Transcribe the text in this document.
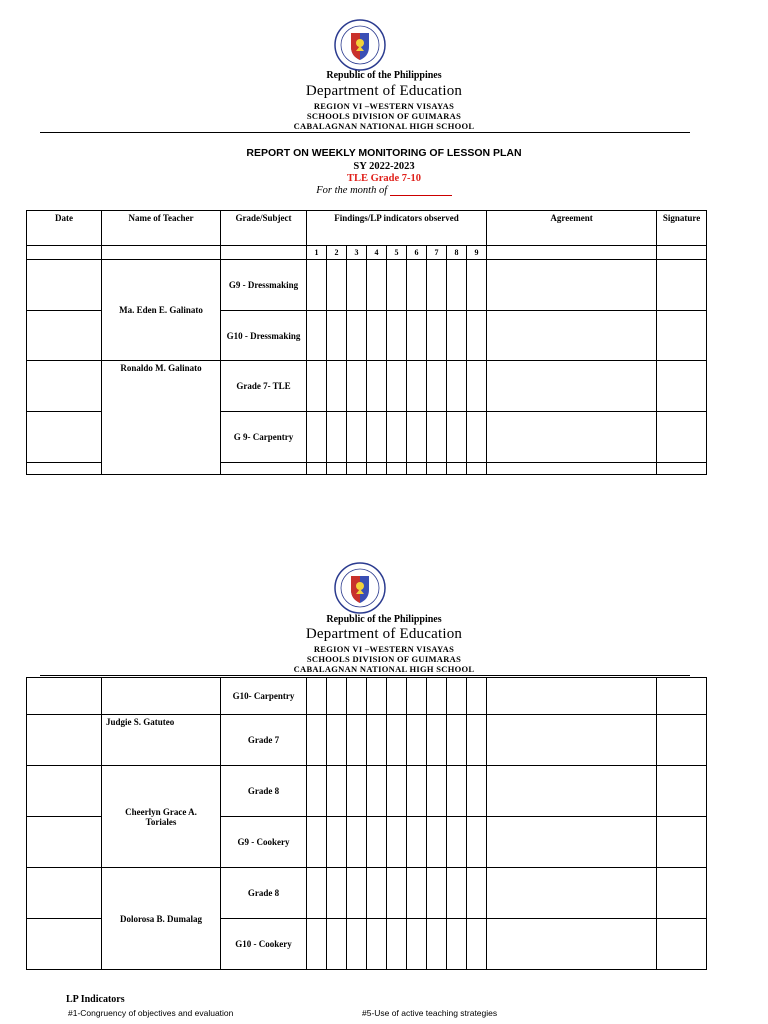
Republic of the Philippines
Department of Education
REGION VI –WESTERN VISAYAS
SCHOOLS DIVISION OF GUIMARAS
CABALAGNAN NATIONAL HIGH SCHOOL
REPORT ON WEEKLY MONITORING OF LESSON PLAN
SY 2022-2023
TLE Grade 7-10
For the month of
Date	Name of Teacher	Grade/Subject	Findings/LP indicators observed									Agreement	Signature
			1	2	3	4	5	6	7	8	9		
	Ma. Eden E. Galinato	G9 - Dressmaking											
		G10 - Dressmaking											
	Ronaldo M. Galinato	Grade 7- TLE											
		G 9- Carpentry											

Republic of the Philippines
Department of Education
REGION VI –WESTERN VISAYAS
SCHOOLS DIVISION OF GUIMARAS
CABALAGNAN NATIONAL HIGH SCHOOL
		G10- Carpentry											
	Judgie S. Gatuteo	Grade 7											
	Cheerlyn Grace A. Toriales	Grade 8											
		G9 - Cookery											
	Dolorosa B. Dumalag	Grade 8											
		G10 - Cookery											
LP Indicators
#1-Congruency of objectives and evaluation	#5-Use of active teaching strategies
